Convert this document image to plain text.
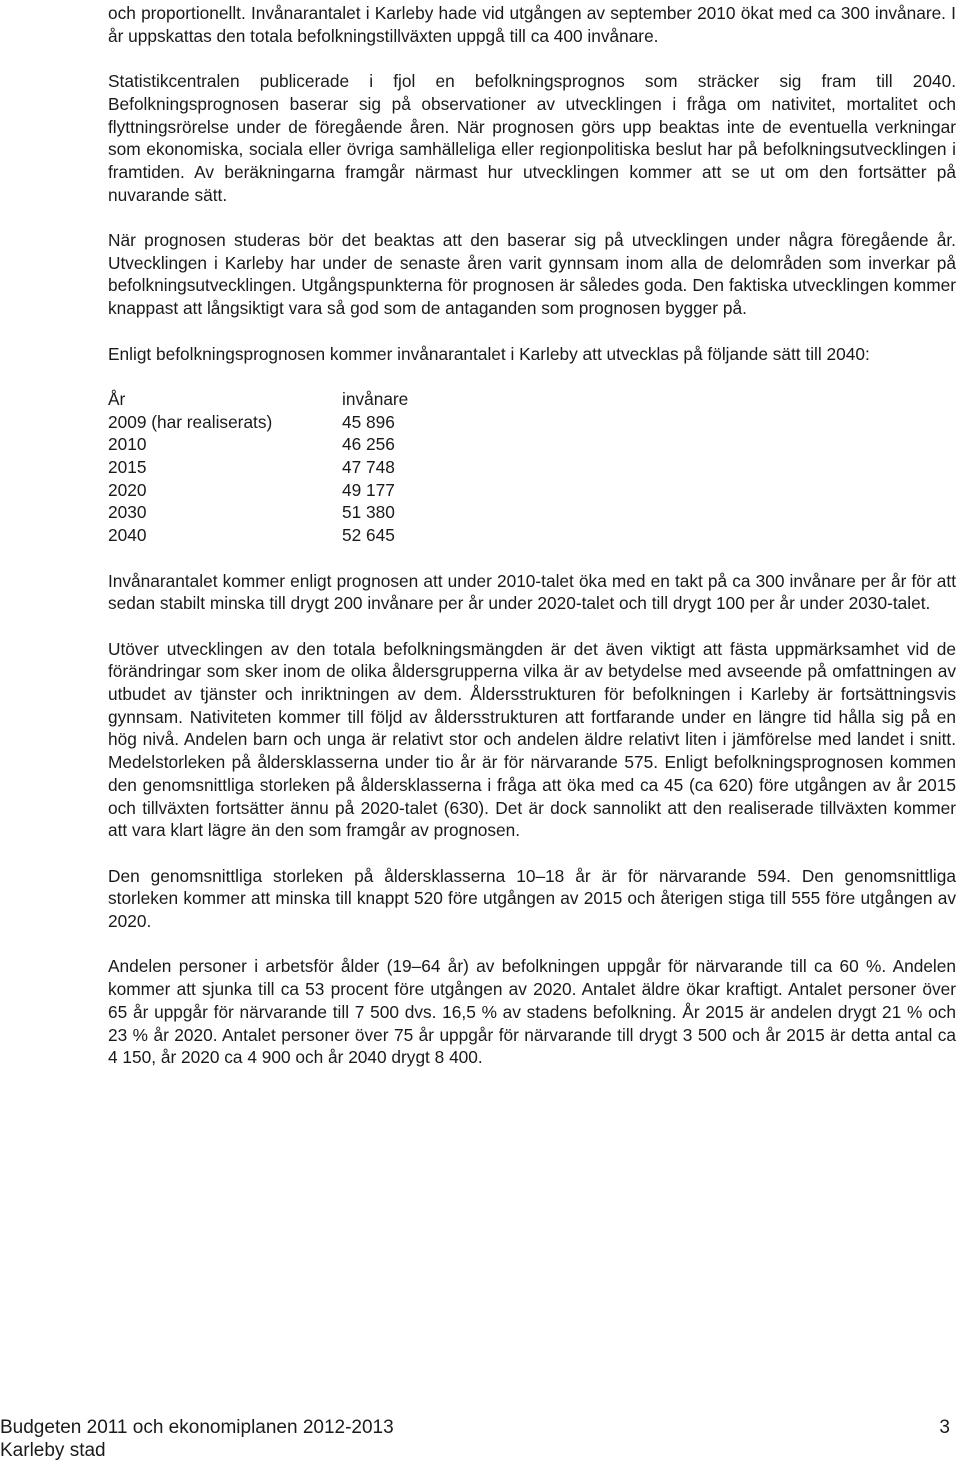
och proportionellt. Invånarantalet i Karleby hade vid utgången av september 2010 ökat med ca 300 invånare. I år uppskattas den totala befolkningstillväxten uppgå till ca 400 invånare.

Statistikcentralen publicerade i fjol en befolkningsprognos som sträcker sig fram till 2040. Befolkningsprognosen baserar sig på observationer av utvecklingen i fråga om nativitet, mortalitet och flyttningsrörelse under de föregående åren. När prognosen görs upp beaktas inte de eventuella verkningar som ekonomiska, sociala eller övriga samhälleliga eller regionpolitiska beslut har på befolkningsutvecklingen i framtiden. Av beräkningarna framgår närmast hur utvecklingen kommer att se ut om den fortsätter på nuvarande sätt.

När prognosen studeras bör det beaktas att den baserar sig på utvecklingen under några föregående år. Utvecklingen i Karleby har under de senaste åren varit gynnsam inom alla de delområden som inverkar på befolkningsutvecklingen. Utgångspunkterna för prognosen är således goda. Den faktiska utvecklingen kommer knappast att långsiktigt vara så god som de antaganden som prognosen bygger på.

Enligt befolkningsprognosen kommer invånarantalet i Karleby att utvecklas på följande sätt till 2040:

År	invånare
2009 (har realiserats)	45 896
2010	46 256
2015	47 748
2020	49 177
2030	51 380
2040	52 645

Invånarantalet kommer enligt prognosen att under 2010-talet öka med en takt på ca 300 invånare per år för att sedan stabilt minska till drygt 200 invånare per år under 2020-talet och till drygt 100 per år under 2030-talet.

Utöver utvecklingen av den totala befolkningsmängden är det även viktigt att fästa uppmärksamhet vid de förändringar som sker inom de olika åldersgrupperna vilka är av betydelse med avseende på omfattningen av utbudet av tjänster och inriktningen av dem. Åldersstrukturen för befolkningen i Karleby är fortsättningsvis gynnsam. Nativiteten kommer till följd av åldersstrukturen att fortfarande under en längre tid hålla sig på en hög nivå. Andelen barn och unga är relativt stor och andelen äldre relativt liten i jämförelse med landet i snitt. Medelstorleken på åldersklasserna under tio år är för närvarande 575. Enligt befolkningsprognosen kommen den genomsnittliga storleken på åldersklasserna i fråga att öka med ca 45 (ca 620) före utgången av år 2015 och tillväxten fortsätter ännu på 2020-talet (630). Det är dock sannolikt att den realiserade tillväxten kommer att vara klart lägre än den som framgår av prognosen.

Den genomsnittliga storleken på åldersklasserna 10–18 år är för närvarande 594. Den genomsnittliga storleken kommer att minska till knappt 520 före utgången av 2015 och återigen stiga till 555 före utgången av 2020.

Andelen personer i arbetsför ålder (19–64 år) av befolkningen uppgår för närvarande till ca 60 %. Andelen kommer att sjunka till ca 53 procent före utgången av 2020. Antalet äldre ökar kraftigt. Antalet personer över 65 år uppgår för närvarande till 7 500 dvs. 16,5 % av stadens befolkning. År 2015 är andelen drygt 21 % och 23 % år 2020. Antalet personer över 75 år uppgår för närvarande till drygt 3 500 och år 2015 är detta antal ca 4 150, år 2020 ca 4 900 och år 2040 drygt 8 400.

Budgeten 2011 och ekonomiplanen 2012-2013	3
Karleby stad
